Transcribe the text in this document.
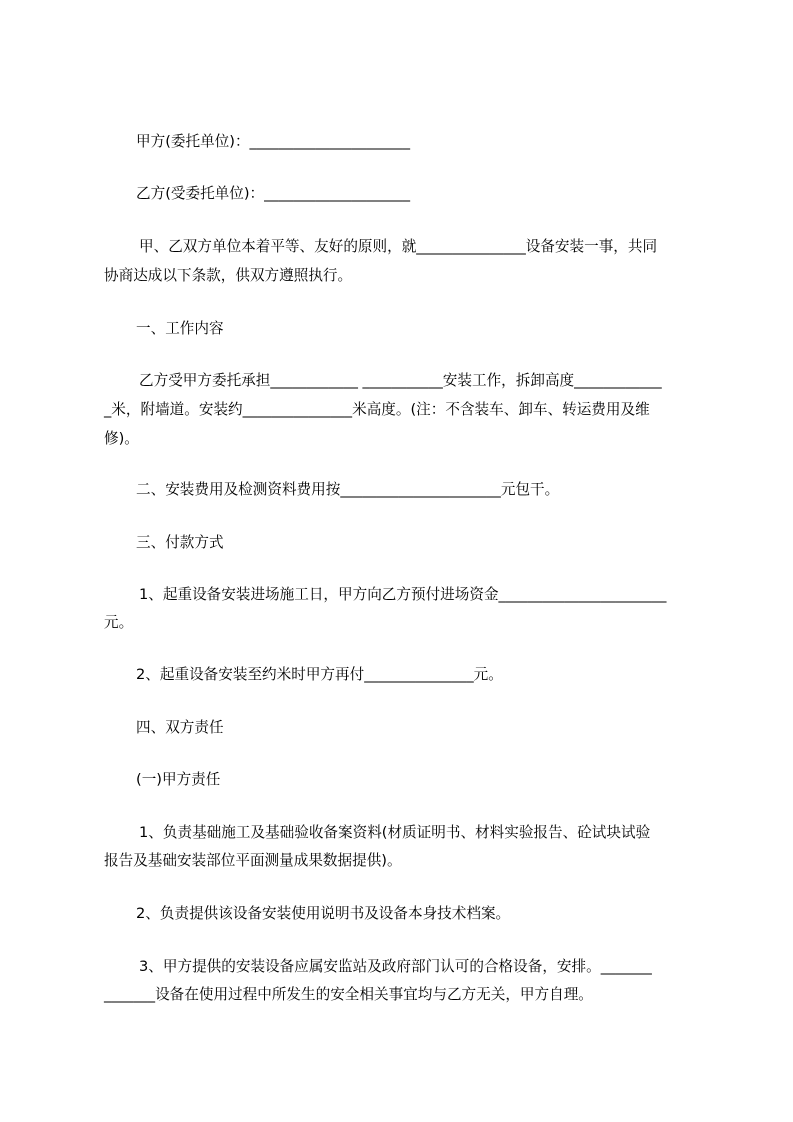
甲方(委托单位)：______________________

乙方(受委托单位)：____________________

甲、乙双方单位本着平等、友好的原则，就_______________设备安装一事，共同

协商达成以下条款，供双方遵照执行。

一、工作内容

乙方受甲方委托承担____________ ___________安装工作，拆卸高度____________

_米，附墙道。安装约_______________米高度。(注：不含装车、卸车、转运费用及维

修)。

二、安装费用及检测资料费用按______________________元包干。

三、付款方式

1、起重设备安装进场施工日，甲方向乙方预付进场资金_______________________

元。

2、起重设备安装至约米时甲方再付_______________元。

四、双方责任

(一)甲方责任

1、负责基础施工及基础验收备案资料(材质证明书、材料实验报告、砼试块试验

报告及基础安装部位平面测量成果数据提供)。

2、负责提供该设备安装使用说明书及设备本身技术档案。

3、甲方提供的安装设备应属安监站及政府部门认可的合格设备，安排。_______

_______设备在使用过程中所发生的安全相关事宜均与乙方无关，甲方自理。
